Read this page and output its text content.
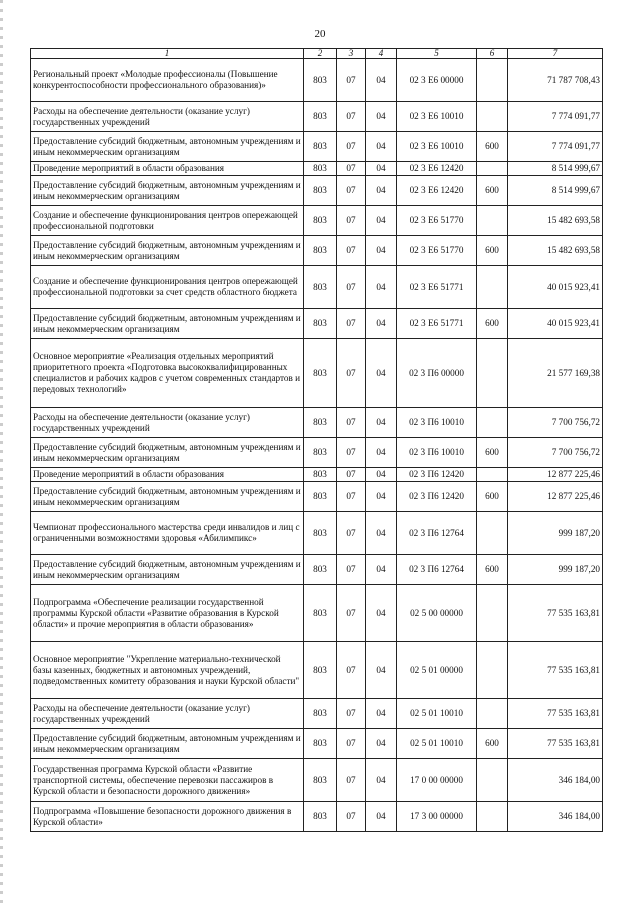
20
1	2	3	4	5	6	7
Региональный проект «Молодые профессионалы (Повышение конкурентоспособности профессионального образования)»	803	07	04	02 3 Е6 00000		71 787 708,43
Расходы на обеспечение деятельности (оказание услуг) государственных учреждений	803	07	04	02 3 Е6 10010		7 774 091,77
Предоставление субсидий бюджетным, автономным учреждениям и иным некоммерческим организациям	803	07	04	02 3 Е6 10010	600	7 774 091,77
Проведение мероприятий в области образования	803	07	04	02 3 Е6 12420		8 514 999,67
Предоставление субсидий бюджетным, автономным учреждениям и иным некоммерческим организациям	803	07	04	02 3 Е6 12420	600	8 514 999,67
Создание и обеспечение функционирования центров опережающей профессиональной подготовки	803	07	04	02 3 Е6 51770		15 482 693,58
Предоставление субсидий бюджетным, автономным учреждениям и иным некоммерческим организациям	803	07	04	02 3 Е6 51770	600	15 482 693,58
Создание и обеспечение функционирования центров опережающей профессиональной подготовки за счет средств областного бюджета	803	07	04	02 3 Е6 51771		40 015 923,41
Предоставление субсидий бюджетным, автономным учреждениям и иным некоммерческим организациям	803	07	04	02 3 Е6 51771	600	40 015 923,41
Основное мероприятие «Реализация отдельных мероприятий приоритетного проекта «Подготовка высококвалифицированных специалистов и рабочих кадров с учетом современных стандартов и передовых технологий»	803	07	04	02 3 П6 00000		21 577 169,38
Расходы на обеспечение деятельности (оказание услуг) государственных учреждений	803	07	04	02 3 П6 10010		7 700 756,72
Предоставление субсидий бюджетным, автономным учреждениям и иным некоммерческим организациям	803	07	04	02 3 П6 10010	600	7 700 756,72
Проведение мероприятий в области образования	803	07	04	02 3 П6 12420		12 877 225,46
Предоставление субсидий бюджетным, автономным учреждениям и иным некоммерческим организациям	803	07	04	02 3 П6 12420	600	12 877 225,46
Чемпионат профессионального мастерства среди инвалидов и лиц с ограниченными возможностями здоровья «Абилимпикс»	803	07	04	02 3 П6 12764		999 187,20
Предоставление субсидий бюджетным, автономным учреждениям и иным некоммерческим организациям	803	07	04	02 3 П6 12764	600	999 187,20
Подпрограмма «Обеспечение реализации государственной программы Курской области «Развитие образования в Курской области» и прочие мероприятия в области образования»	803	07	04	02 5 00 00000		77 535 163,81
Основное мероприятие "Укрепление материально-технической базы казенных, бюджетных и автономных учреждений, подведомственных комитету образования и науки Курской области"	803	07	04	02 5 01 00000		77 535 163,81
Расходы на обеспечение деятельности (оказание услуг) государственных учреждений	803	07	04	02 5 01 10010		77 535 163,81
Предоставление субсидий бюджетным, автономным учреждениям и иным некоммерческим организациям	803	07	04	02 5 01 10010	600	77 535 163,81
Государственная программа Курской области «Развитие транспортной системы, обеспечение перевозки пассажиров в Курской области и безопасности дорожного движения»	803	07	04	17 0 00 00000		346 184,00
Подпрограмма «Повышение безопасности дорожного движения в Курской области»	803	07	04	17 3 00 00000		346 184,00
